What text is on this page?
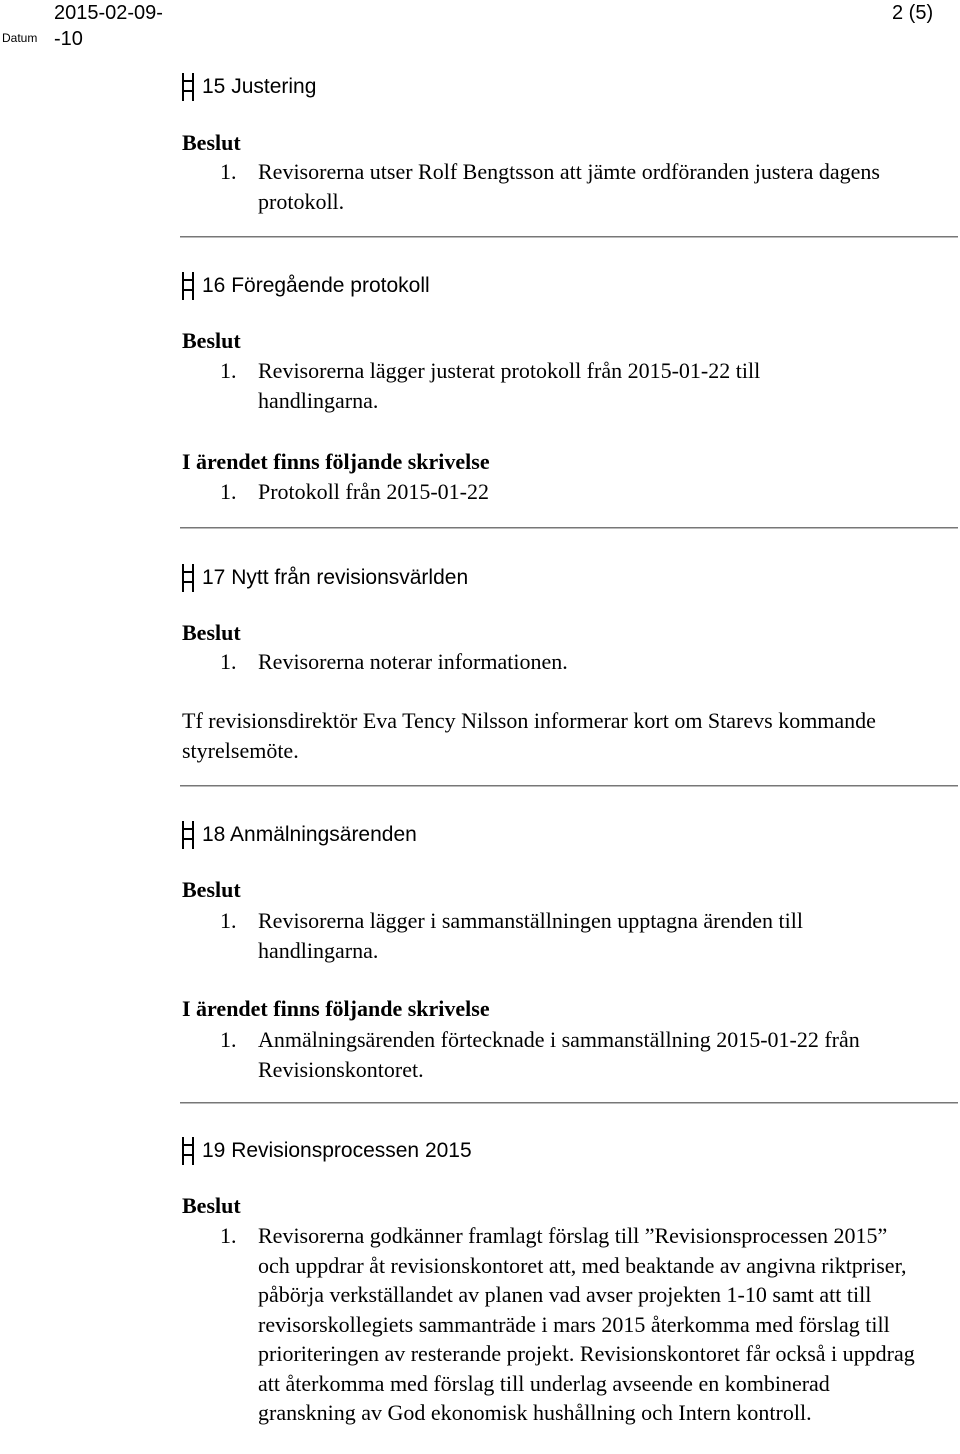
Datum
2015-02-09--10
2 (5)
15 Justering
Beslut
1. Revisorerna utser Rolf Bengtsson att jämte ordföranden justera dagens protokoll.
16 Föregående protokoll
Beslut
1. Revisorerna lägger justerat protokoll från 2015-01-22 till handlingarna.
I ärendet finns följande skrivelse
1. Protokoll från 2015-01-22
17 Nytt från revisionsvärlden
Beslut
1. Revisorerna noterar informationen.
Tf revisionsdirektör Eva Tency Nilsson informerar kort om Starevs kommande styrelsemöte.
18 Anmälningsärenden
Beslut
1. Revisorerna lägger i sammanställningen upptagna ärenden till handlingarna.
I ärendet finns följande skrivelse
1. Anmälningsärenden förtecknade i sammanställning 2015-01-22 från Revisionskontoret.
19 Revisionsprocessen 2015
Beslut
1. Revisorerna godkänner framlagt förslag till ”Revisionsprocessen 2015” och uppdrar åt revisionskontoret att, med beaktande av angivna riktpriser, påbörja verkställandet av planen vad avser projekten 1-10 samt att till revisorskollegiets sammanträde i mars 2015 återkomma med förslag till prioriteringen av resterande projekt. Revisionskontoret får också i uppdrag att återkomma med förslag till underlag avseende en kombinerad granskning av God ekonomisk hushållning och Intern kontroll.
